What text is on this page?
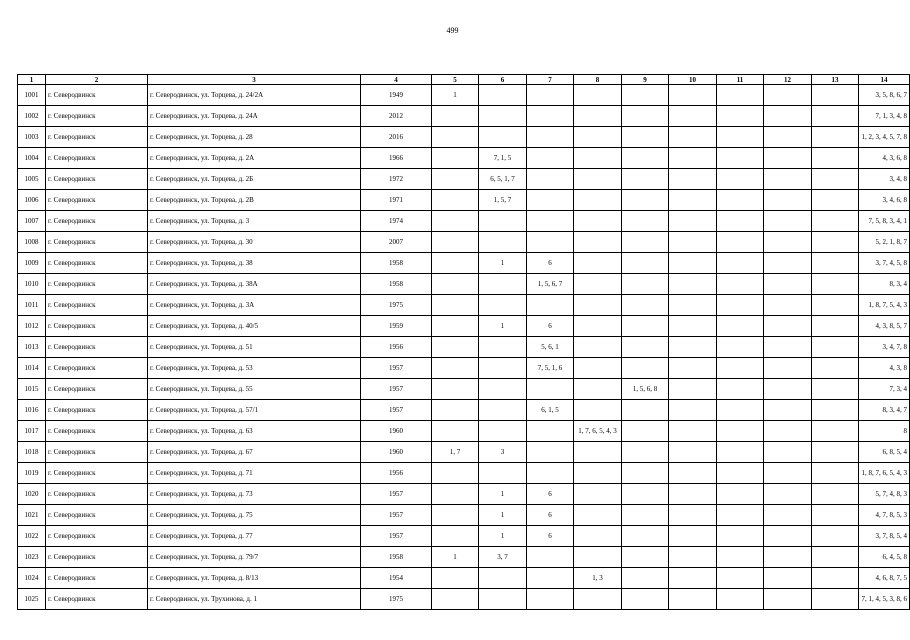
499
1	2	3	4	5	6	7	8	9	10	11	12	13	14
1001	г. Северодвинск	г. Северодвинск, ул. Торцева, д. 24/2А	1949	1									3, 5, 8, 6, 7
1002	г. Северодвинск	г. Северодвинск, ул. Торцева, д. 24А	2012										7, 1, 3, 4, 8
1003	г. Северодвинск	г. Северодвинск, ул. Торцева, д. 28	2016										1, 2, 3, 4, 5, 7, 8
1004	г. Северодвинск	г. Северодвинск, ул. Торцева, д. 2А	1966		7, 1, 5								4, 3, 6, 8
1005	г. Северодвинск	г. Северодвинск, ул. Торцева, д. 2Б	1972		6, 5, 1, 7								3, 4, 8
1006	г. Северодвинск	г. Северодвинск, ул. Торцева, д. 2В	1971		1, 5, 7								3, 4, 6, 8
1007	г. Северодвинск	г. Северодвинск, ул. Торцева, д. 3	1974										7, 5, 8, 3, 4, 1
1008	г. Северодвинск	г. Северодвинск, ул. Торцева, д. 30	2007										5, 2, 1, 8, 7
1009	г. Северодвинск	г. Северодвинск, ул. Торцева, д. 38	1958		1	6							3, 7, 4, 5, 8
1010	г. Северодвинск	г. Северодвинск, ул. Торцева, д. 38А	1958			1, 5, 6, 7							8, 3, 4
1011	г. Северодвинск	г. Северодвинск, ул. Торцева, д. 3А	1975										1, 8, 7, 5, 4, 3
1012	г. Северодвинск	г. Северодвинск, ул. Торцева, д. 40/5	1959		1	6							4, 3, 8, 5, 7
1013	г. Северодвинск	г. Северодвинск, ул. Торцева, д. 51	1956			5, 6, 1							3, 4, 7, 8
1014	г. Северодвинск	г. Северодвинск, ул. Торцева, д. 53	1957			7, 5, 1, 6							4, 3, 8
1015	г. Северодвинск	г. Северодвинск, ул. Торцева, д. 55	1957					1, 5, 6, 8					7, 3, 4
1016	г. Северодвинск	г. Северодвинск, ул. Торцева, д. 57/1	1957			6, 1, 5							8, 3, 4, 7
1017	г. Северодвинск	г. Северодвинск, ул. Торцева, д. 63	1960				1, 7, 6, 5, 4, 3						8
1018	г. Северодвинск	г. Северодвинск, ул. Торцева, д. 67	1960	1, 7	3								6, 8, 5, 4
1019	г. Северодвинск	г. Северодвинск, ул. Торцева, д. 71	1956										1, 8, 7, 6, 5, 4, 3
1020	г. Северодвинск	г. Северодвинск, ул. Торцева, д. 73	1957		1	6							5, 7, 4, 8, 3
1021	г. Северодвинск	г. Северодвинск, ул. Торцева, д. 75	1957		1	6							4, 7, 8, 5, 3
1022	г. Северодвинск	г. Северодвинск, ул. Торцева, д. 77	1957		1	6							3, 7, 8, 5, 4
1023	г. Северодвинск	г. Северодвинск, ул. Торцева, д. 79/7	1958	1	3, 7								6, 4, 5, 8
1024	г. Северодвинск	г. Северодвинск, ул. Торцева, д. 8/13	1954				1, 3						4, 6, 8, 7, 5
1025	г. Северодвинск	г. Северодвинск, ул. Трухинова, д. 1	1975										7, 1, 4, 5, 3, 8, 6
